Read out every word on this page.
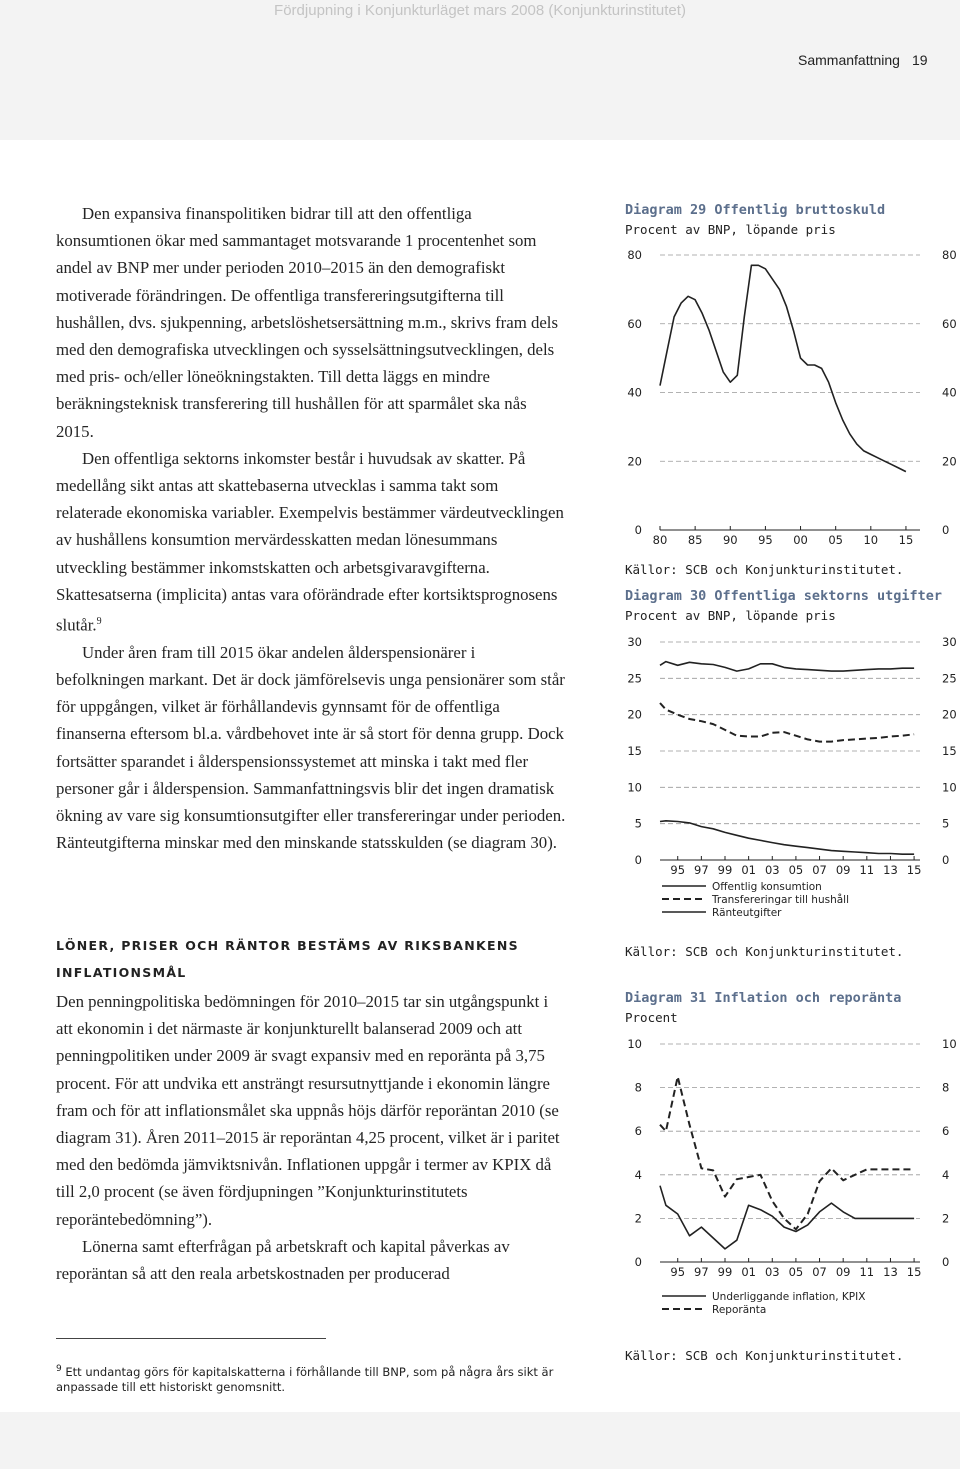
Fördjupning i Konjunkturläget mars 2008 (Konjunkturinstitutet)
Sammanfattning 19

Den expansiva finanspolitiken bidrar till att den offentliga konsumtionen ökar med sammantaget motsvarande 1 procentenhet som andel av BNP mer under perioden 2010–2015 än den demografiskt motiverade förändringen. De offentliga transfereringsutgifterna till hushållen, dvs. sjukpenning, arbetslöshetsersättning m.m., skrivs fram dels med den demografiska utvecklingen och sysselsättningsutvecklingen, dels med pris- och/eller löneökningstakten. Till detta läggs en mindre beräkningsteknisk transferering till hushållen för att sparmålet ska nås 2015.

Den offentliga sektorns inkomster består i huvudsak av skatter. På medellång sikt antas att skattebaserna utvecklas i samma takt som relaterade ekonomiska variabler. Exempelvis bestämmer värdeutvecklingen av hushållens konsumtion mervärdesskatten medan lönesummans utveckling bestämmer inkomstskatten och arbetsgivaravgifterna. Skattesatserna (implicita) antas vara oförändrade efter kortsiktsprognosens slutår.$^9$

Under åren fram till 2015 ökar andelen ålderspensionärer i befolkningen markant. Det är dock jämförelsevis unga pensionärer som står för uppgången, vilket är förhållandevis gynnsamt för de offentliga finanserna eftersom bl.a. vårdbehovet inte är så stort för denna grupp. Dock fortsätter sparandet i ålderspensionssystemet att minska i takt med fler personer går i ålderspension. Sammanfattningsvis blir det ingen dramatisk ökning av vare sig konsumtionsutgifter eller transfereringar under perioden. Ränteutgifterna minskar med den minskande statsskulden (se diagram 30).

LÖNER, PRISER OCH RÄNTOR BESTÄMS AV RIKSBANKENS INFLATIONSMÅL

Den penningpolitiska bedömningen för 2010–2015 tar sin utgångspunkt i att ekonomin i det närmaste är konjunkturellt balanserad 2009 och att penningpolitiken under 2009 är svagt expansiv med en reporänta på 3,75 procent. För att undvika ett ansträngt resursutnyttjande i ekonomin längre fram och för att inflationsmålet ska uppnås höjs därför reporäntan 2010 (se diagram 31). Åren 2011–2015 är reporäntan 4,25 procent, vilket är i paritet med den bedömda jämviktsnivån. Inflationen uppgår i termer av KPIX då till 2,0 procent (se även fördjupningen ”Konjunkturinstitutets reporäntebedömning”).

Lönerna samt efterfrågan på arbetskraft och kapital påverkas av reporäntan så att den reala arbetskostnaden per producerad

$^9$ Ett undantag görs för kapitalskatterna i förhållande till BNP, som på några års sikt är anpassade till ett historiskt genomsnitt.
Diagram 29 Offentlig bruttoskuld
Procent av BNP, löpande pris
0	0
20	20
40	40
60	60
80	80
80 85 90 95 00 05 10 15
Källor: SCB och Konjunkturinstitutet.
Diagram 30 Offentliga sektorns utgifter
Procent av BNP, löpande pris
0	0
5	5
10	10
15	15
20	20
25	25
30	30
95 97 99 01 03 05 07 09 11 13 15
Offentlig konsumtion
Transfereringar till hushåll
Ränteutgifter
Källor: SCB och Konjunkturinstitutet.
Diagram 31 Inflation och reporänta
Procent
0	0
2	2
4	4
6	6
8	8
10	10
95 97 99 01 03 05 07 09 11 13 15
Underliggande inflation, KPIX
Reporänta
Källor: SCB och Konjunkturinstitutet.
